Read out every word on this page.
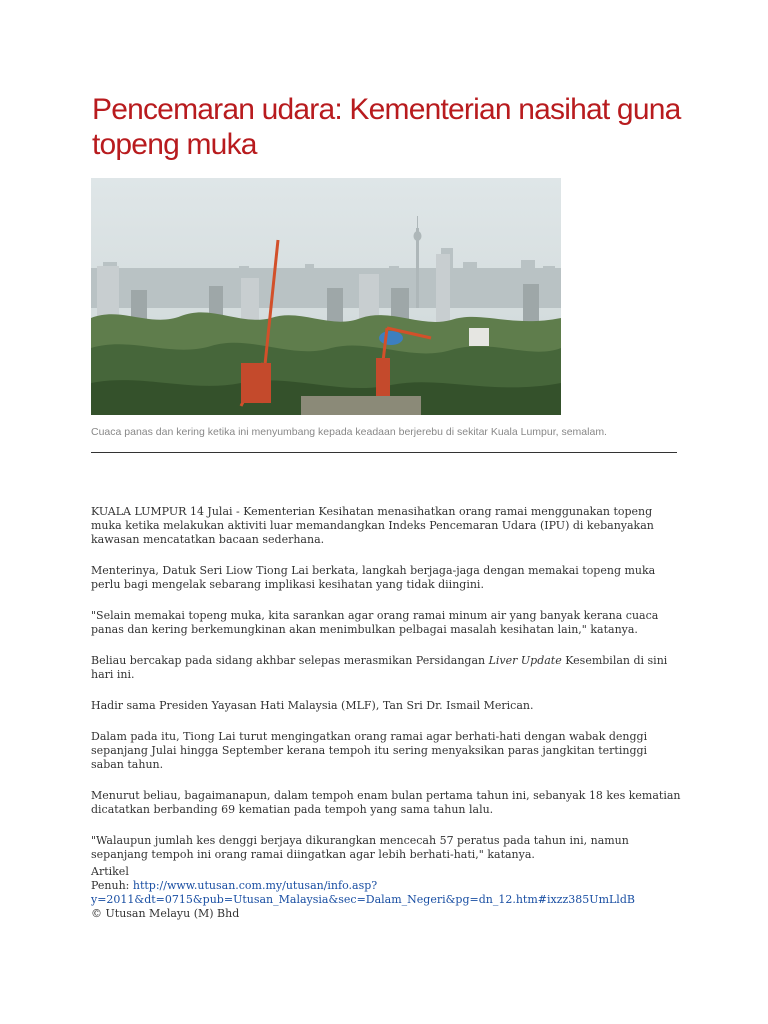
Pencemaran udara: Kementerian nasihat guna topeng muka

Cuaca panas dan kering ketika ini menyumbang kepada keadaan berjerebu di sekitar Kuala Lumpur, semalam.

KUALA LUMPUR 14 Julai - Kementerian Kesihatan menasihatkan orang ramai menggunakan topeng muka ketika melakukan aktiviti luar memandangkan Indeks Pencemaran Udara (IPU) di kebanyakan kawasan mencatatkan bacaan sederhana.

Menterinya, Datuk Seri Liow Tiong Lai berkata, langkah berjaga-jaga dengan memakai topeng muka perlu bagi mengelak sebarang implikasi kesihatan yang tidak diingini.

"Selain memakai topeng muka, kita sarankan agar orang ramai minum air yang banyak kerana cuaca panas dan kering berkemungkinan akan menimbulkan pelbagai masalah kesihatan lain," katanya.

Beliau bercakap pada sidang akhbar selepas merasmikan Persidangan Liver Update Kesembilan di sini hari ini.

Hadir sama Presiden Yayasan Hati Malaysia (MLF), Tan Sri Dr. Ismail Merican.

Dalam pada itu, Tiong Lai turut mengingatkan orang ramai agar berhati-hati dengan wabak denggi sepanjang Julai hingga September kerana tempoh itu sering menyaksikan paras jangkitan tertinggi saban tahun.

Menurut beliau, bagaimanapun, dalam tempoh enam bulan pertama tahun ini, sebanyak 18 kes kematian dicatatkan berbanding 69 kematian pada tempoh yang sama tahun lalu.

"Walaupun jumlah kes denggi berjaya dikurangkan mencecah 57 peratus pada tahun ini, namun sepanjang tempoh ini orang ramai diingatkan agar lebih berhati-hati," katanya.

Artikel
Penuh: http://www.utusan.com.my/utusan/info.asp?y=2011&dt=0715&pub=Utusan_Malaysia&sec=Dalam_Negeri&pg=dn_12.htm#ixzz385UmLldB
© Utusan Melayu (M) Bhd
